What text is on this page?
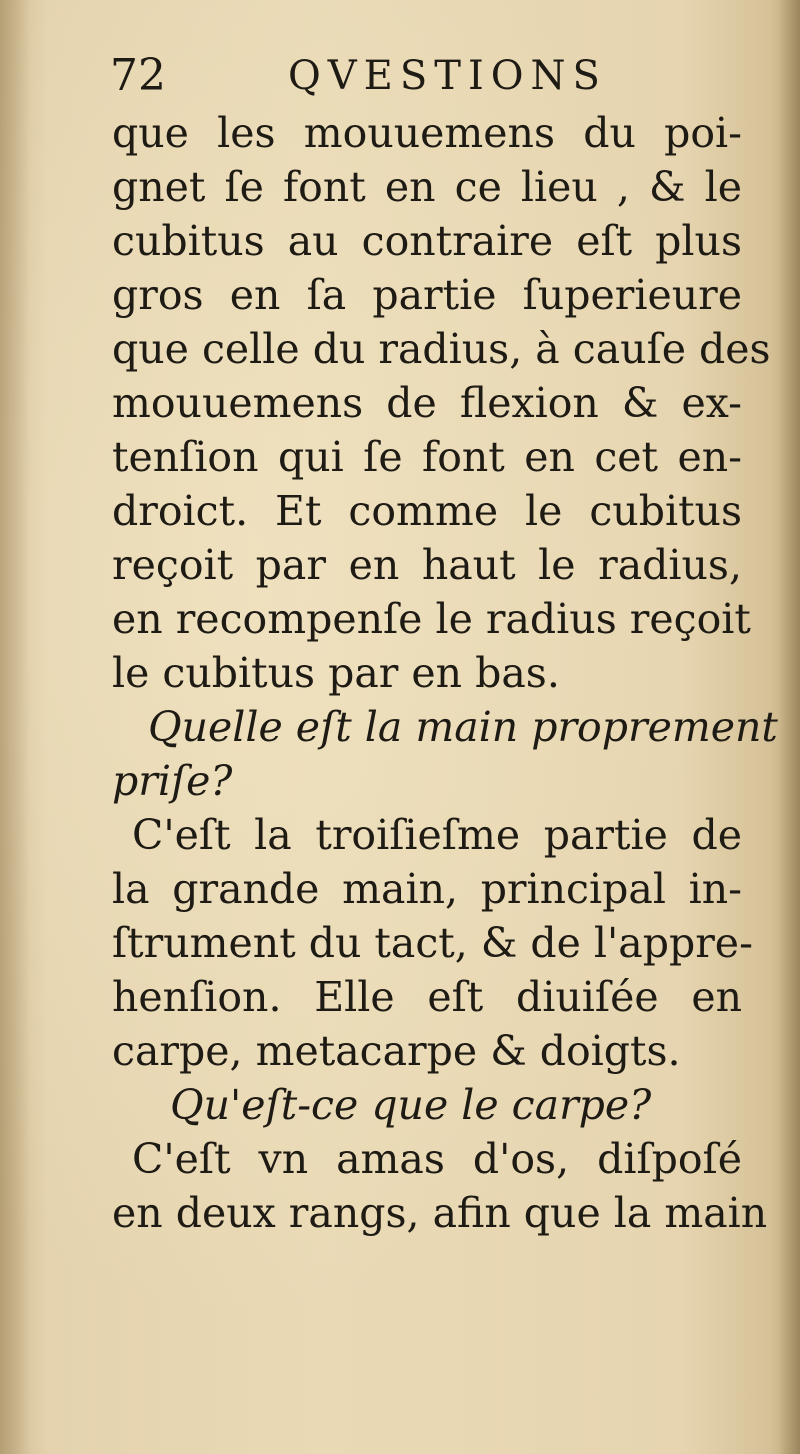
72	QVESTIONS
que les mouuemens du poi-
gnet ſe font en ce lieu , & le
cubitus au contraire eſt plus
gros en ſa partie ſuperieure
que celle du radius, à cauſe des
mouuemens de flexion & ex-
tenſion qui ſe font en cet en-
droict. Et comme le cubitus
reçoit par en haut le radius,
en recompenſe le radius reçoit
le cubitus par en bas.
Quelle eſt la main proprement
priſe?
C'eſt la troiſieſme partie de
la grande main, principal in-
ſtrument du tact, & de l'appre-
henſion. Elle eſt diuiſée en
carpe, metacarpe & doigts.
Qu'eſt-ce que le carpe?
C'eſt vn amas d'os, diſpoſé
en deux rangs, afin que la main
